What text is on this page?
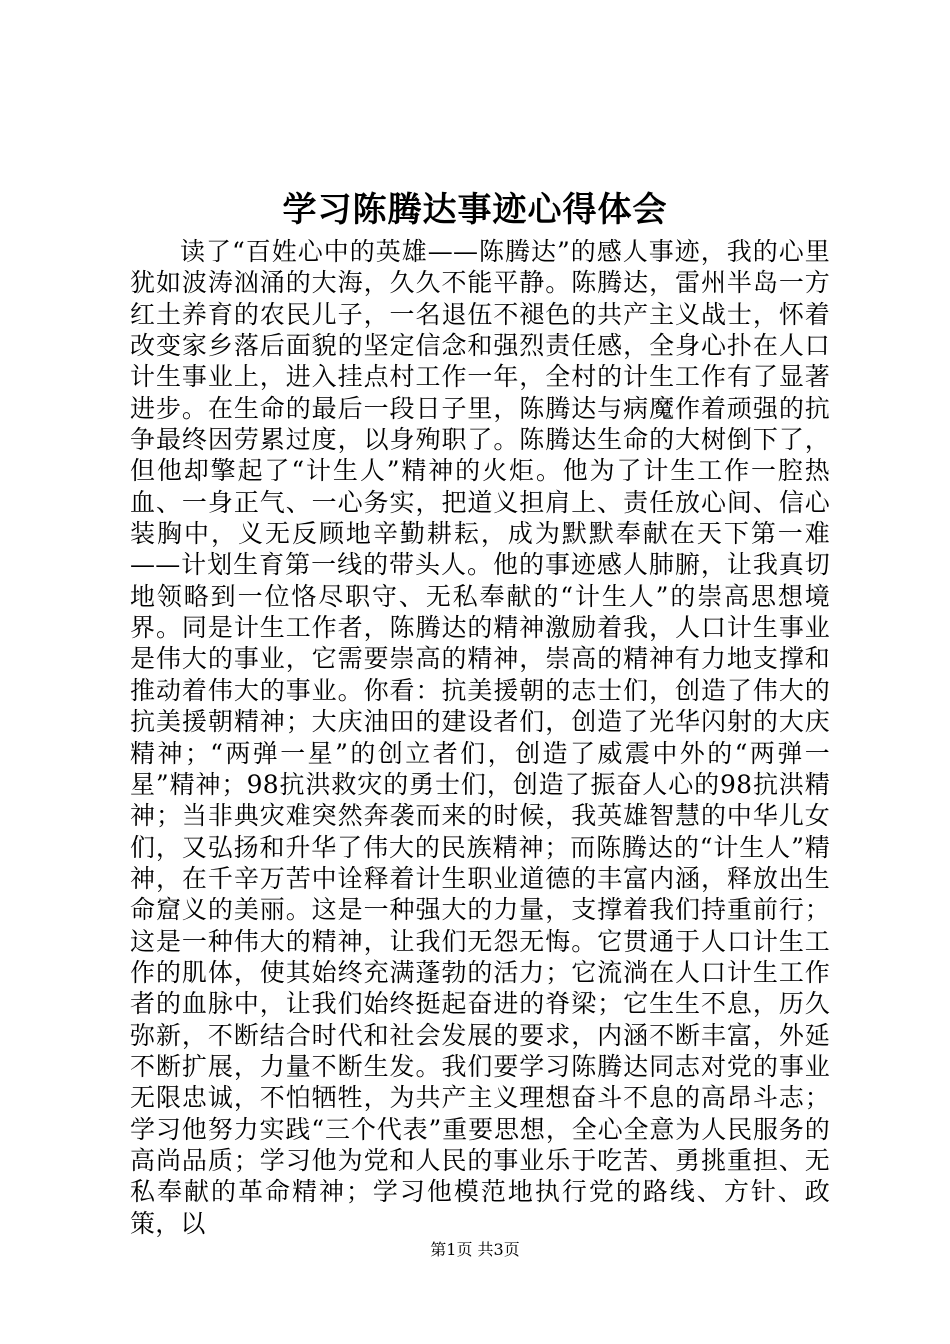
学习陈腾达事迹心得体会

读了“百姓心中的英雄——陈腾达”的感人事迹，我的心里犹如波涛汹涌的大海，久久不能平静。陈腾达，雷州半岛一方红土养育的农民儿子，一名退伍不褪色的共产主义战士，怀着改变家乡落后面貌的坚定信念和强烈责任感，全身心扑在人口计生事业上，进入挂点村工作一年，全村的计生工作有了显著进步。在生命的最后一段日子里，陈腾达与病魔作着顽强的抗争最终因劳累过度，以身殉职了。陈腾达生命的大树倒下了，但他却擎起了“计生人”精神的火炬。他为了计生工作一腔热血、一身正气、一心务实，把道义担肩上、责任放心间、信心装胸中，义无反顾地辛勤耕耘，成为默默奉献在天下第一难——计划生育第一线的带头人。他的事迹感人肺腑，让我真切地领略到一位恪尽职守、无私奉献的“计生人”的崇高思想境界。同是计生工作者，陈腾达的精神激励着我，人口计生事业是伟大的事业，它需要崇高的精神，崇高的精神有力地支撑和推动着伟大的事业。你看：抗美援朝的志士们，创造了伟大的抗美援朝精神；大庆油田的建设者们，创造了光华闪射的大庆精神；“两弹一星”的创立者们，创造了威震中外的“两弹一星”精神；98抗洪救灾的勇士们，创造了振奋人心的98抗洪精神；当非典灾难突然奔袭而来的时候，我英雄智慧的中华儿女们，又弘扬和升华了伟大的民族精神；而陈腾达的“计生人”精神，在千辛万苦中诠释着计生职业道德的丰富内涵，释放出生命窟义的美丽。这是一种强大的力量，支撑着我们持重前行；这是一种伟大的精神，让我们无怨无悔。它贯通于人口计生工作的肌体，使其始终充满蓬勃的活力；它流淌在人口计生工作者的血脉中，让我们始终挺起奋进的脊梁；它生生不息，历久弥新，不断结合时代和社会发展的要求，内涵不断丰富，外延不断扩展，力量不断生发。我们要学习陈腾达同志对党的事业无限忠诚，不怕牺牲，为共产主义理想奋斗不息的高昂斗志；学习他努力实践“三个代表”重要思想，全心全意为人民服务的高尚品质；学习他为党和人民的事业乐于吃苦、勇挑重担、无私奉献的革命精神；学习他模范地执行党的路线、方针、政策，以

第1页 共3页
